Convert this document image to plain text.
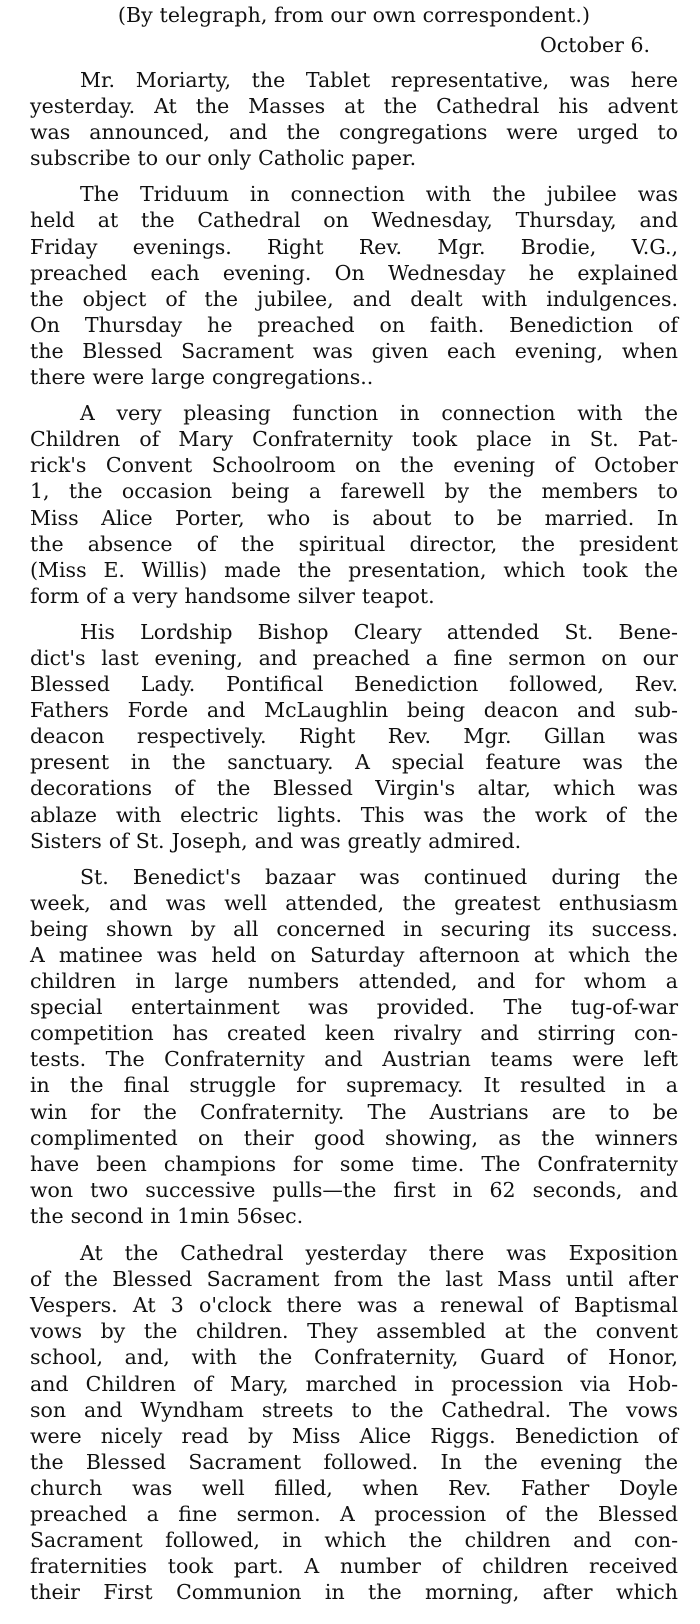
(By telegraph, from our own correspondent.)
October 6.
Mr. Moriarty, the Tablet representative, was here
yesterday. At the Masses at the Cathedral his advent
was announced, and the congregations were urged to
subscribe to our only Catholic paper.
The Triduum in connection with the jubilee was
held at the Cathedral on Wednesday, Thursday, and
Friday evenings. Right Rev. Mgr. Brodie, V.G.,
preached each evening. On Wednesday he explained
the object of the jubilee, and dealt with indulgences.
On Thursday he preached on faith. Benediction of
the Blessed Sacrament was given each evening, when
there were large congregations..
A very pleasing function in connection with the
Children of Mary Confraternity took place in St. Pat-
rick's Convent Schoolroom on the evening of October
1, the occasion being a farewell by the members to
Miss Alice Porter, who is about to be married. In
the absence of the spiritual director, the president
(Miss E. Willis) made the presentation, which took the
form of a very handsome silver teapot.
His Lordship Bishop Cleary attended St. Bene-
dict's last evening, and preached a fine sermon on our
Blessed Lady. Pontifical Benediction followed, Rev.
Fathers Forde and McLaughlin being deacon and sub-
deacon respectively. Right Rev. Mgr. Gillan was
present in the sanctuary. A special feature was the
decorations of the Blessed Virgin's altar, which was
ablaze with electric lights. This was the work of the
Sisters of St. Joseph, and was greatly admired.
St. Benedict's bazaar was continued during the
week, and was well attended, the greatest enthusiasm
being shown by all concerned in securing its success.
A matinee was held on Saturday afternoon at which the
children in large numbers attended, and for whom a
special entertainment was provided. The tug-of-war
competition has created keen rivalry and stirring con-
tests. The Confraternity and Austrian teams were left
in the final struggle for supremacy. It resulted in a
win for the Confraternity. The Austrians are to be
complimented on their good showing, as the winners
have been champions for some time. The Confraternity
won two successive pulls—the first in 62 seconds, and
the second in 1min 56sec.
At the Cathedral yesterday there was Exposition
of the Blessed Sacrament from the last Mass until after
Vespers. At 3 o'clock there was a renewal of Baptismal
vows by the children. They assembled at the convent
school, and, with the Confraternity, Guard of Honor,
and Children of Mary, marched in procession via Hob-
son and Wyndham streets to the Cathedral. The vows
were nicely read by Miss Alice Riggs. Benediction of
the Blessed Sacrament followed. In the evening the
church was well filled, when Rev. Father Doyle
preached a fine sermon. A procession of the Blessed
Sacrament followed, in which the children and con-
fraternities took part. A number of children received
their First Communion in the morning, after which
